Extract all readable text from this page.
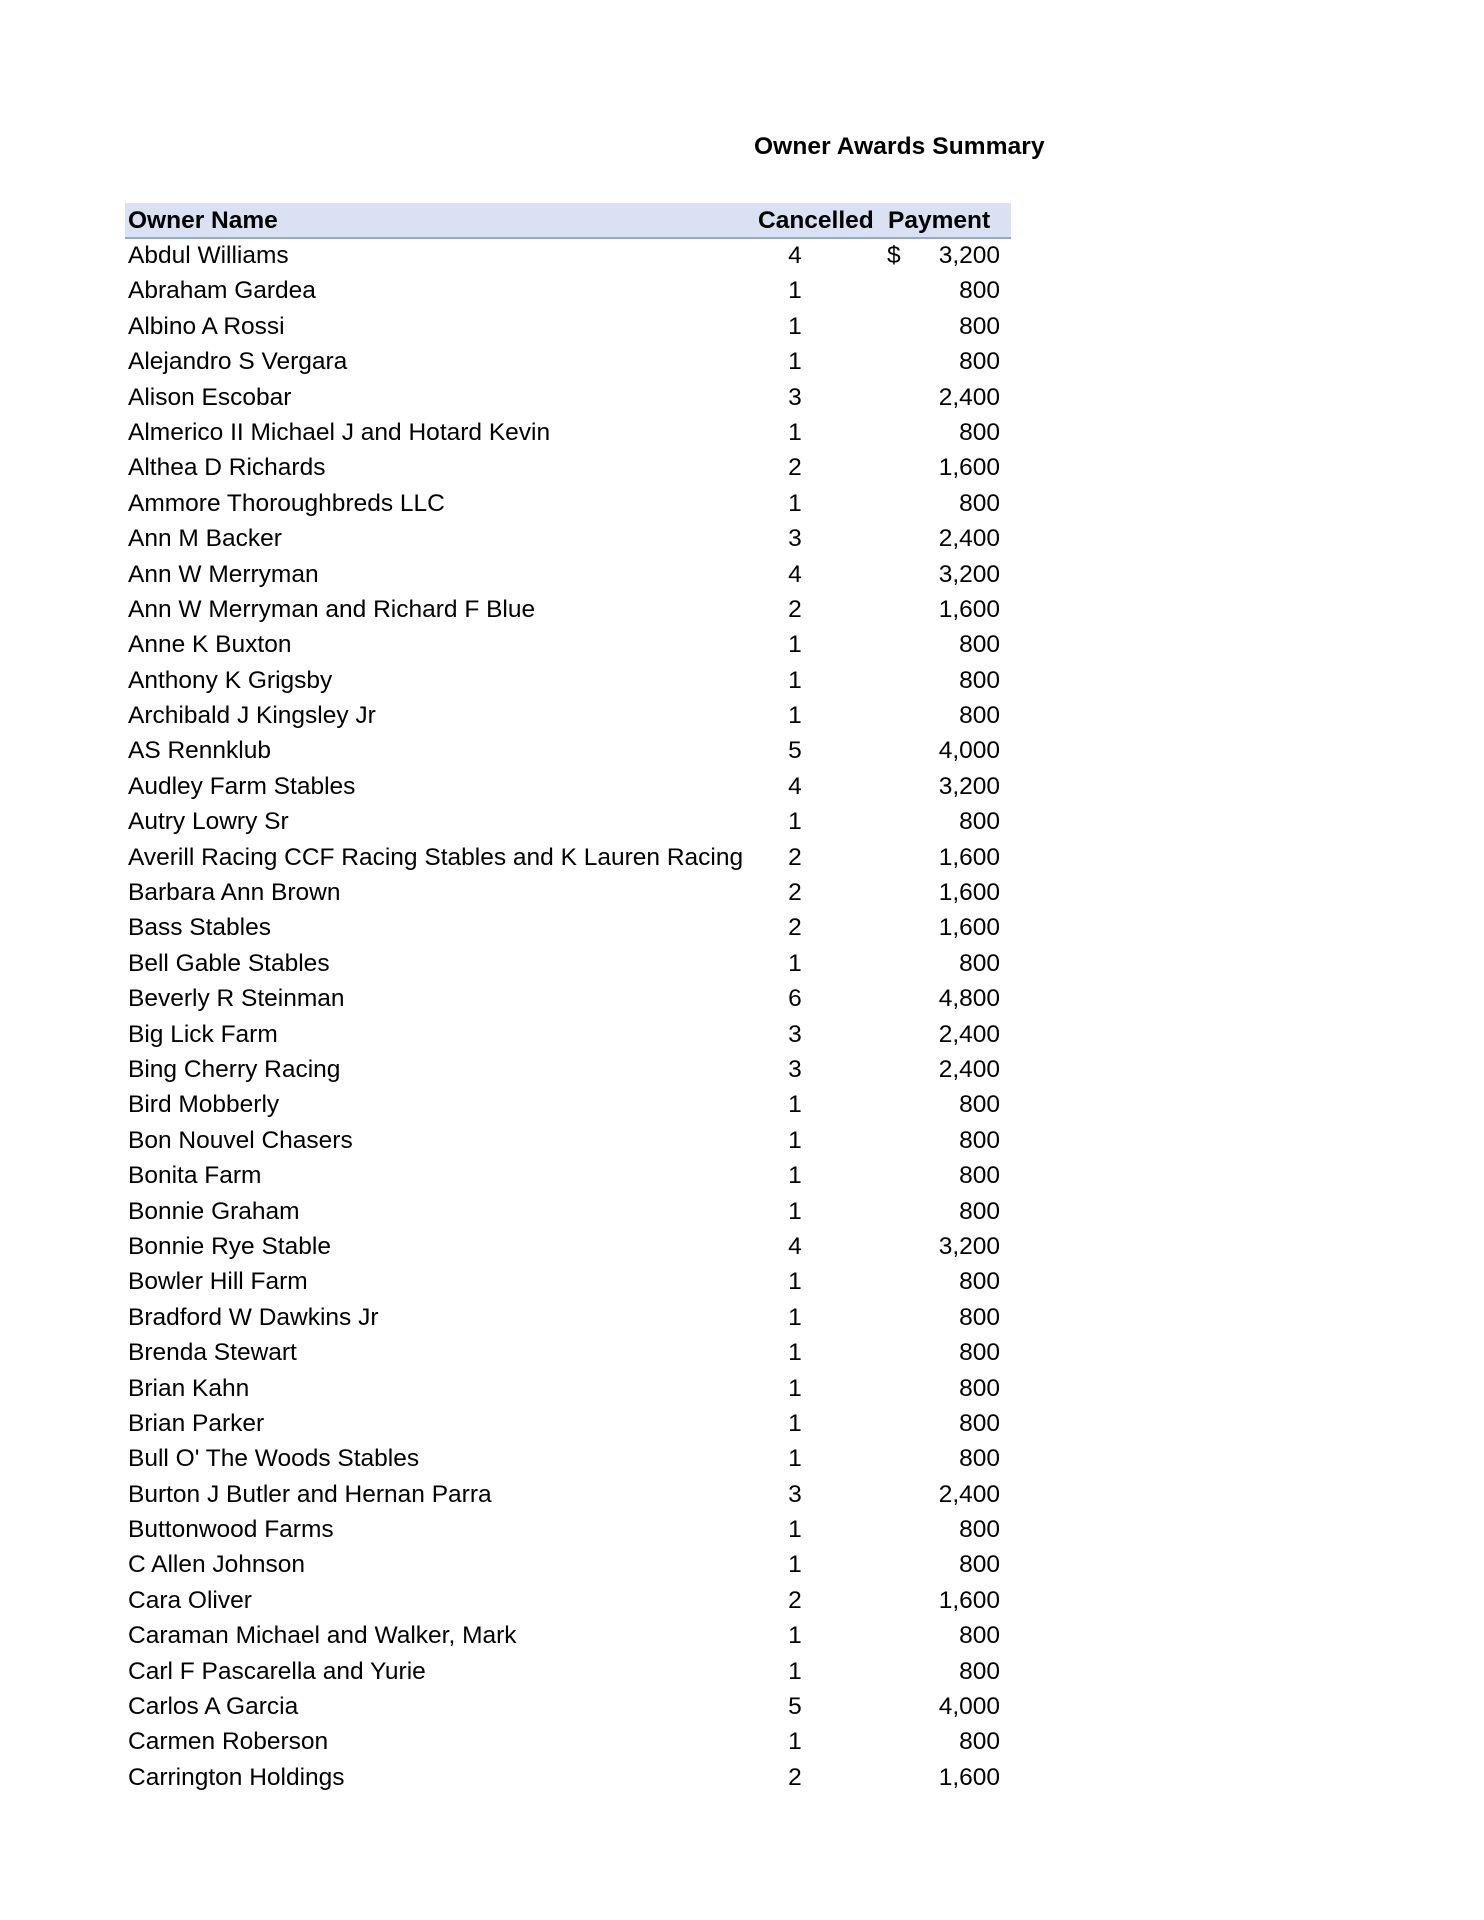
Owner Awards Summary
Owner Name	Cancelled Payment
Abdul Williams	4	$ 3,200
Abraham Gardea	1	800
Albino A Rossi	1	800
Alejandro S Vergara	1	800
Alison Escobar	3	2,400
Almerico II Michael J and Hotard Kevin	1	800
Althea D Richards	2	1,600
Ammore Thoroughbreds LLC	1	800
Ann M Backer	3	2,400
Ann W Merryman	4	3,200
Ann W Merryman and Richard F Blue	2	1,600
Anne K Buxton	1	800
Anthony K Grigsby	1	800
Archibald J Kingsley Jr	1	800
AS Rennklub	5	4,000
Audley Farm Stables	4	3,200
Autry Lowry Sr	1	800
Averill Racing CCF Racing Stables and K Lauren Racing	2	1,600
Barbara Ann Brown	2	1,600
Bass Stables	2	1,600
Bell Gable Stables	1	800
Beverly R Steinman	6	4,800
Big Lick Farm	3	2,400
Bing Cherry Racing	3	2,400
Bird Mobberly	1	800
Bon Nouvel Chasers	1	800
Bonita Farm	1	800
Bonnie Graham	1	800
Bonnie Rye Stable	4	3,200
Bowler Hill Farm	1	800
Bradford W Dawkins Jr	1	800
Brenda Stewart	1	800
Brian Kahn	1	800
Brian Parker	1	800
Bull O' The Woods Stables	1	800
Burton J Butler and Hernan Parra	3	2,400
Buttonwood Farms	1	800
C Allen Johnson	1	800
Cara Oliver	2	1,600
Caraman Michael and Walker, Mark	1	800
Carl F Pascarella and Yurie	1	800
Carlos A Garcia	5	4,000
Carmen Roberson	1	800
Carrington Holdings	2	1,600
